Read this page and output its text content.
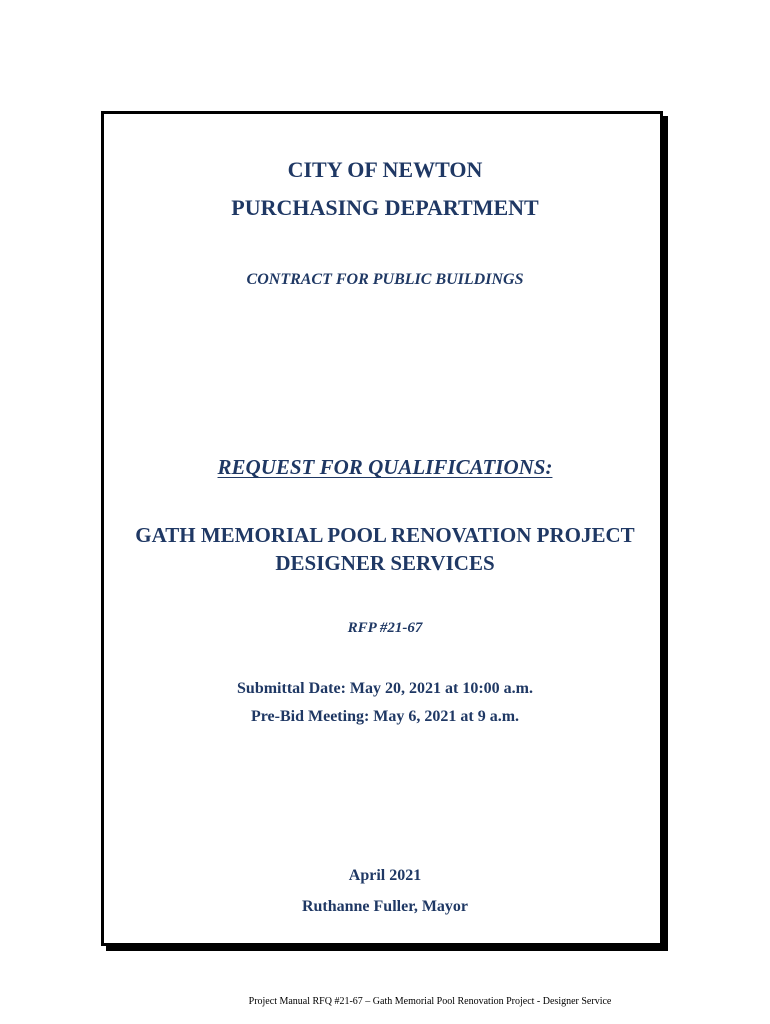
CITY OF NEWTON
PURCHASING DEPARTMENT
CONTRACT FOR PUBLIC BUILDINGS
REQUEST FOR QUALIFICATIONS:
GATH MEMORIAL POOL RENOVATION PROJECT
DESIGNER SERVICES
RFP #21-67
Submittal Date: May 20, 2021 at 10:00 a.m.
Pre-Bid Meeting: May 6, 2021 at 9 a.m.
April 2021
Ruthanne Fuller, Mayor
Project Manual RFQ #21-67 – Gath Memorial Pool Renovation Project - Designer Service
